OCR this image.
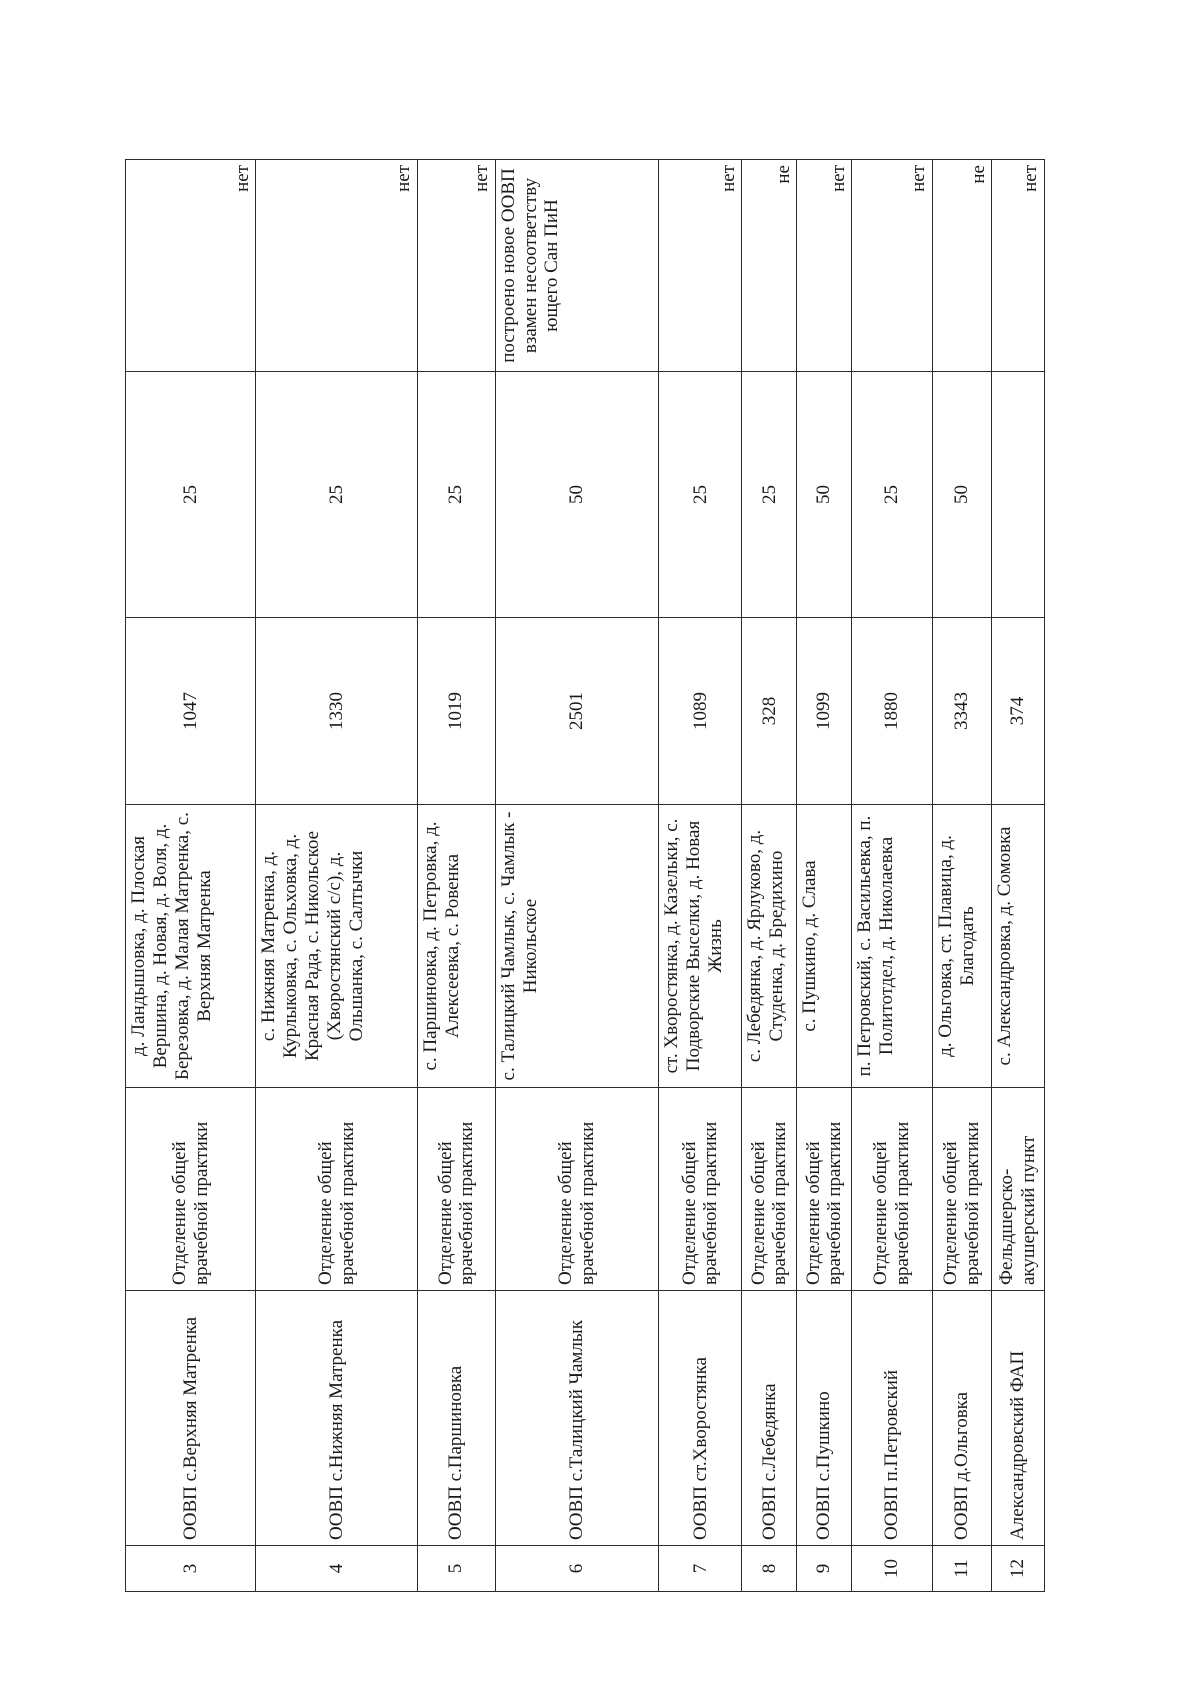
3	ООВП с.Верхняя Матренка	Отделение общей врачебной практики	д. Ландышовка, д. Плоская Вершина, д. Новая, д. Воля, д. Березовка, д. Малая Матренка, с. Верхняя Матренка	1047	25	нет
4	ООВП с.Нижняя Матренка	Отделение общей врачебной практики	с. Нижняя Матренка, д. Курлыковка, с. Ольховка, д. Красная Рада, с. Никольское (Хворостянский с/с), д. Ольшанка, с. Салтычки	1330	25	нет
5	ООВП с.Паршиновка	Отделение общей врачебной практики	с. Паршиновка, д. Петровка, д. Алексеевка, с. Ровенка	1019	25	нет
6	ООВП с.Талицкий Чамлык	Отделение общей врачебной практики	с. Талицкий Чамлык, с. Чамлык - Никольское	2501	50	построено новое ООВП взамен несоответству ющего Сан ПиН
7	ООВП ст.Хворостянка	Отделение общей врачебной практики	ст. Хворостянка, д. Казельки, с. Подворские Выселки, д. Новая Жизнь	1089	25	нет
8	ООВП с.Лебедянка	Отделение общей врачебной практики	с. Лебедянка, д. Ярлуково, д. Студенка, д. Бредихино	328	25	не
9	ООВП с.Пушкино	Отделение общей врачебной практики	с. Пушкино, д. Слава	1099	50	нет
10	ООВП п.Петровский	Отделение общей врачебной практики	п. Петровский, с. Васильевка, п. Политотдел, д. Николаевка	1880	25	нет
11	ООВП д.Ольговка	Отделение общей врачебной практики	д. Ольговка, ст. Плавица, д. Благодать	3343	50	не
12	Александровский ФАП	Фельдшерско-акушерский пункт	с. Александровка, д. Сомовка	374		нет
